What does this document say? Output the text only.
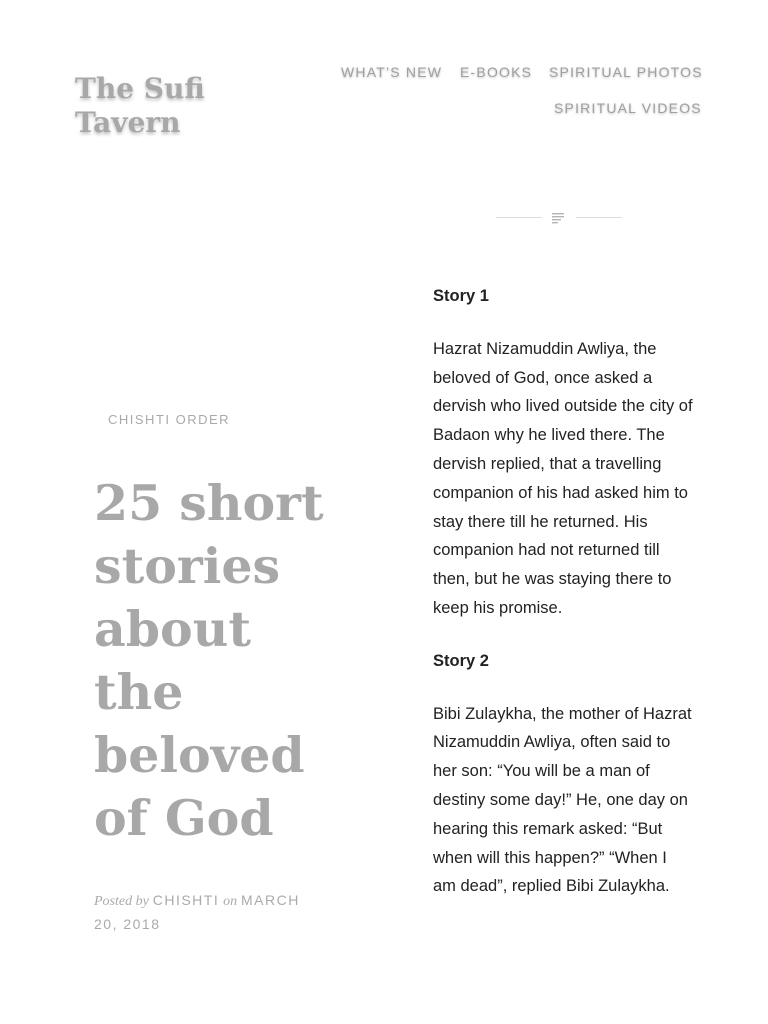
The Sufi Tavern
WHAT’S NEW E-BOOKS SPIRITUAL PHOTOS
SPIRITUAL VIDEOS
CHISHTI ORDER
25 short stories about the beloved of God
Posted by CHISHTI on MARCH 20, 2018
Story 1

Hazrat Nizamuddin Awliya, the beloved of God, once asked a dervish who lived outside the city of Badaon why he lived there. The dervish replied, that a travelling companion of his had asked him to stay there till he returned. His companion had not returned till then, but he was staying there to keep his promise.

Story 2

Bibi Zulaykha, the mother of Hazrat Nizamuddin Awliya, often said to her son: “You will be a man of destiny some day!” He, one day on hearing this remark asked: “But when will this happen?” “When I am dead”, replied Bibi Zulaykha.
